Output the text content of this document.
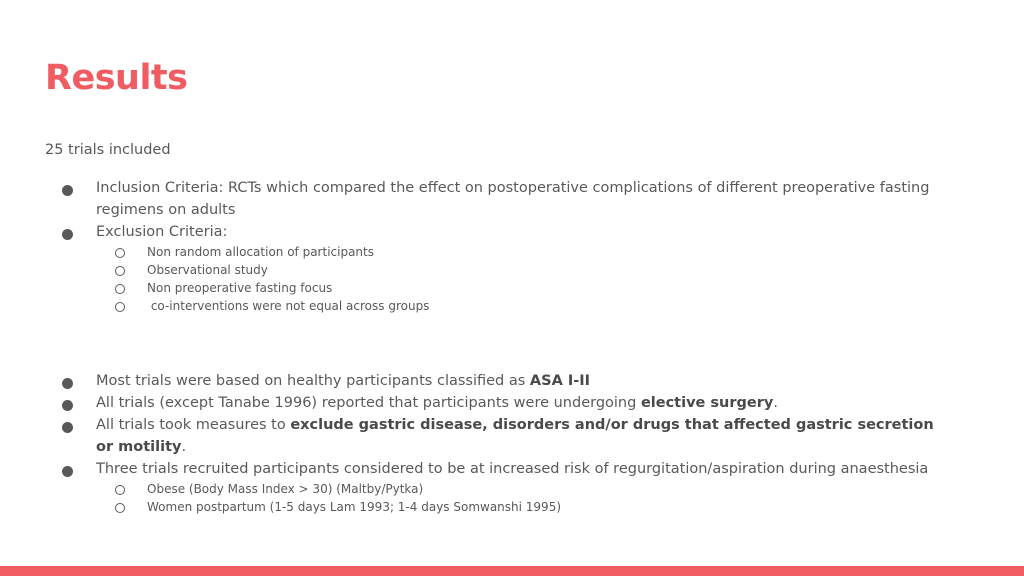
Results
25 trials included
Inclusion Criteria: RCTs which compared the effect on postoperative complications of different preoperative fasting regimens on adults
Exclusion Criteria:
Non random allocation of participants
Observational study
Non preoperative fasting focus
co-interventions were not equal across groups
Most trials were based on healthy participants classified as ASA I-II
All trials (except Tanabe 1996) reported that participants were undergoing elective surgery.
All trials took measures to exclude gastric disease, disorders and/or drugs that affected gastric secretion or motility.
Three trials recruited participants considered to be at increased risk of regurgitation/aspiration during anaesthesia
Obese (Body Mass Index > 30) (Maltby/Pytka)
Women postpartum (1-5 days Lam 1993; 1-4 days Somwanshi 1995)
